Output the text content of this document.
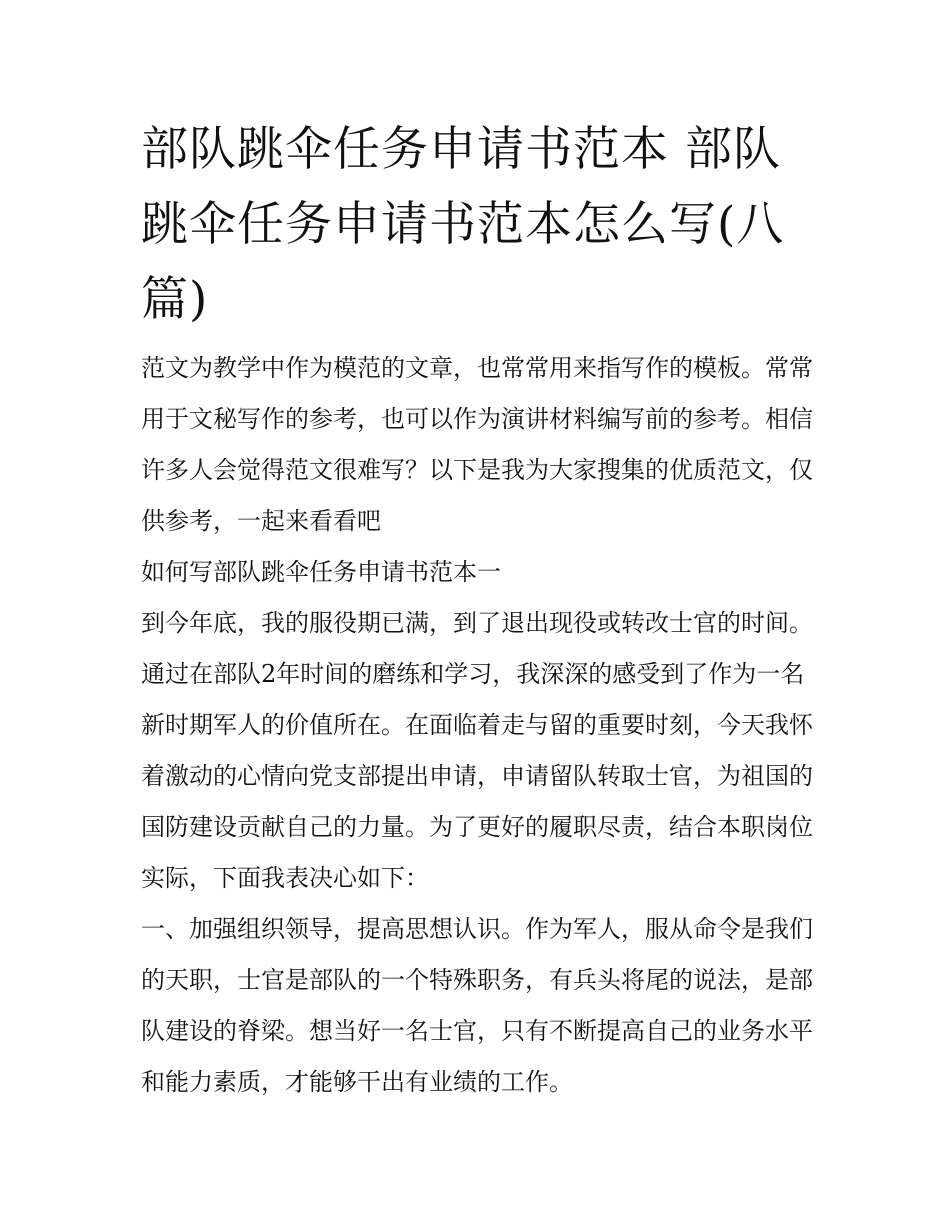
部队跳伞任务申请书范本 部队跳伞任务申请书范本怎么写(八篇)

范文为教学中作为模范的文章，也常常用来指写作的模板。常常用于文秘写作的参考，也可以作为演讲材料编写前的参考。相信许多人会觉得范文很难写？以下是我为大家搜集的优质范文，仅供参考，一起来看看吧

如何写部队跳伞任务申请书范本一

到今年底，我的服役期已满，到了退出现役或转改士官的时间。通过在部队2年时间的磨练和学习，我深深的感受到了作为一名新时期军人的价值所在。在面临着走与留的重要时刻，今天我怀着激动的心情向党支部提出申请，申请留队转取士官，为祖国的国防建设贡献自己的力量。为了更好的履职尽责，结合本职岗位实际，下面我表决心如下：

一、加强组织领导，提高思想认识。作为军人，服从命令是我们的天职，士官是部队的一个特殊职务，有兵头将尾的说法，是部队建设的脊梁。想当好一名士官，只有不断提高自己的业务水平和能力素质，才能够干出有业绩的工作。
